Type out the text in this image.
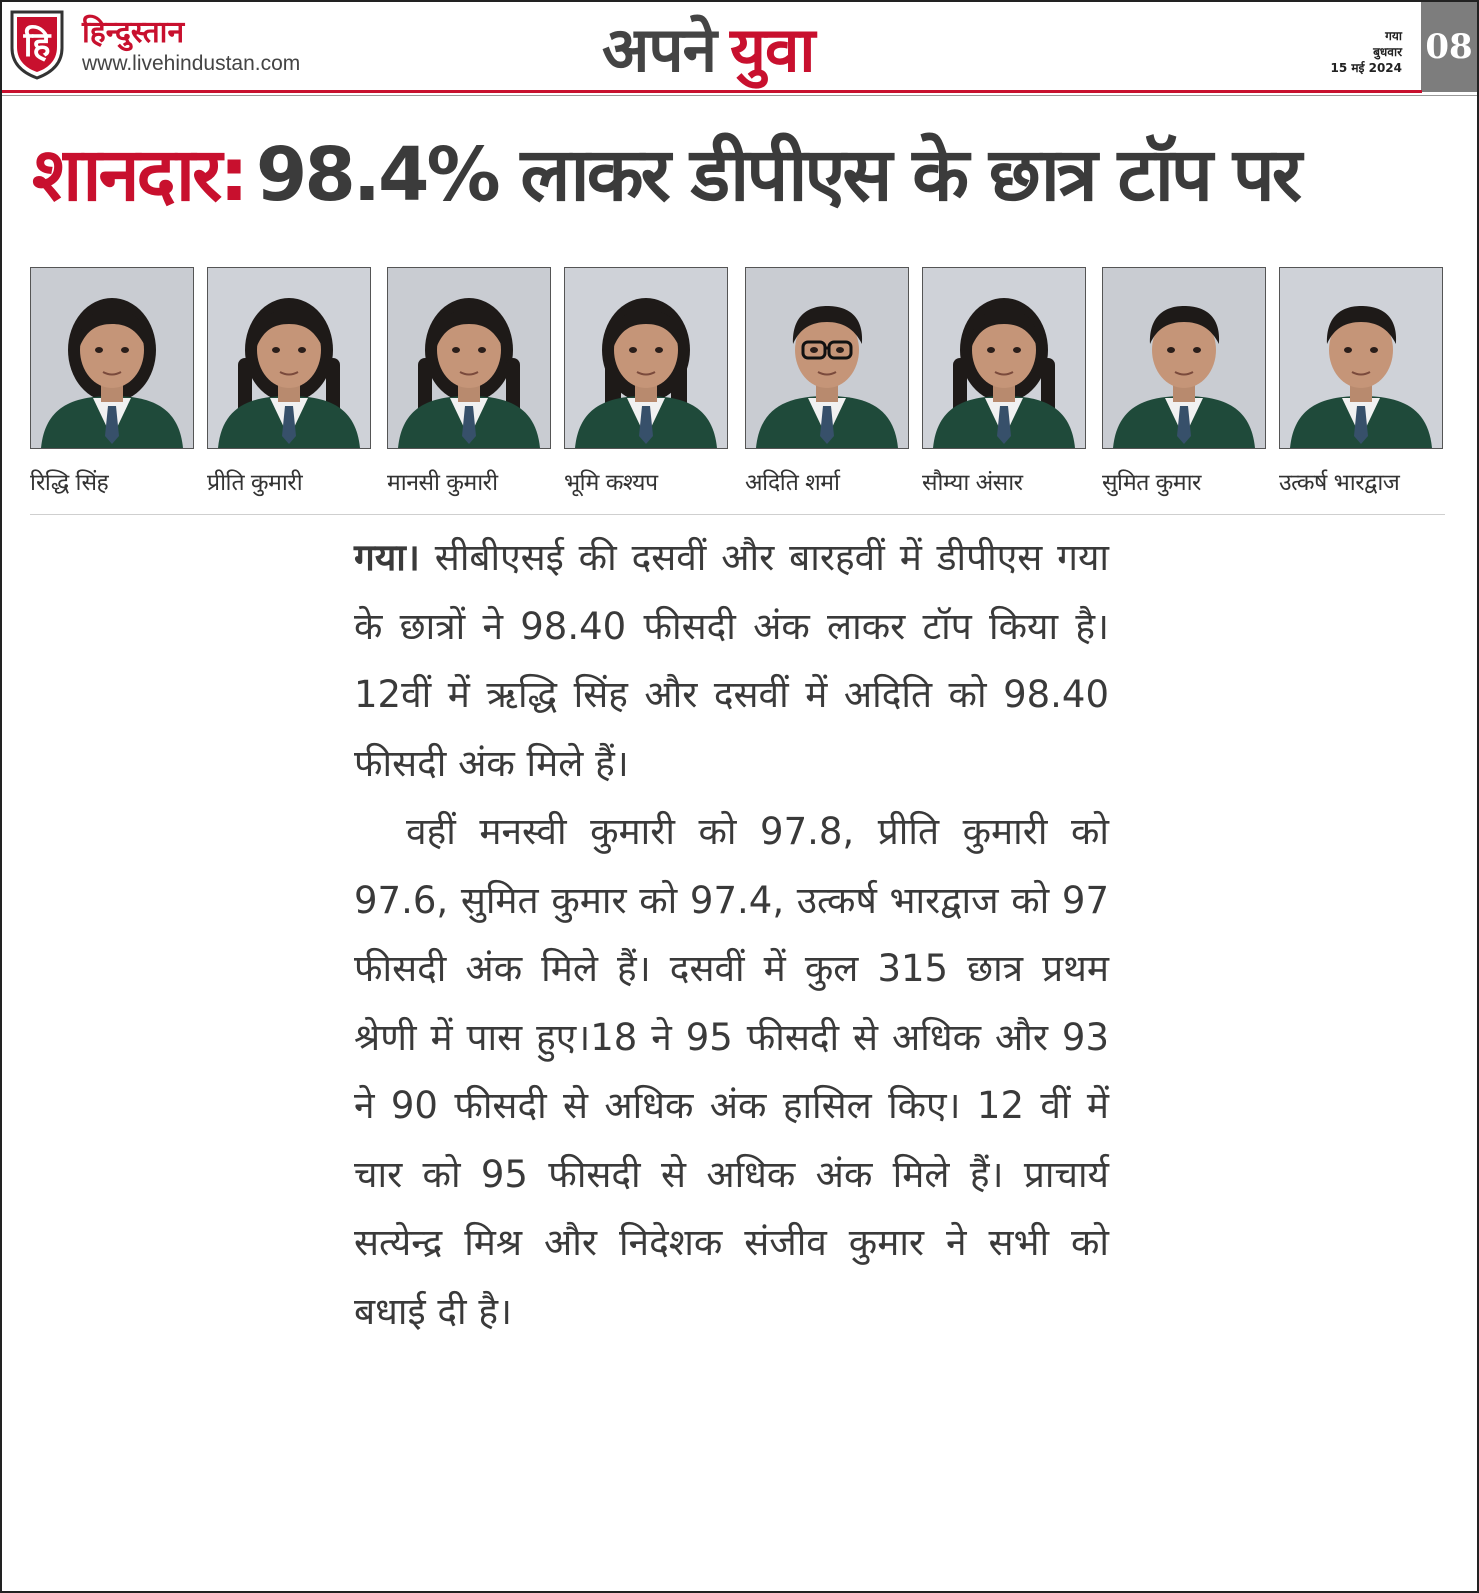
हि हिन्दुस्तान
www.livehindustan.com	अपने युवा	गया
बुधवार
15 मई 2024
08
शानदार: 98.4% लाकर डीपीएस के छात्र टॉप पर
रिद्धि सिंह	प्रीति कुमारी	मानसी कुमारी	भूमि कश्यप	अदिति शर्मा	सौम्या अंसार	सुमित कुमार	उत्कर्ष भारद्वाज

गया। सीबीएसई की दसवीं और बारहवीं में डीपीएस गया के छात्रों ने 98.40 फीसदी अंक लाकर टॉप किया है। 12वीं में ऋद्धि सिंह और दसवीं में अदिति को 98.40 फीसदी अंक मिले हैं।

वहीं मनस्वी कुमारी को 97.8, प्रीति कुमारी को 97.6, सुमित कुमार को 97.4, उत्कर्ष भारद्वाज को 97 फीसदी अंक मिले हैं। दसवीं में कुल 315 छात्र प्रथम श्रेणी में पास हुए।18 ने 95 फीसदी से अधिक और 93 ने 90 फीसदी से अधिक अंक हासिल किए। 12 वीं में चार को 95 फीसदी से अधिक अंक मिले हैं। प्राचार्य सत्येन्द्र मिश्र और निदेशक संजीव कुमार ने सभी को बधाई दी है।
